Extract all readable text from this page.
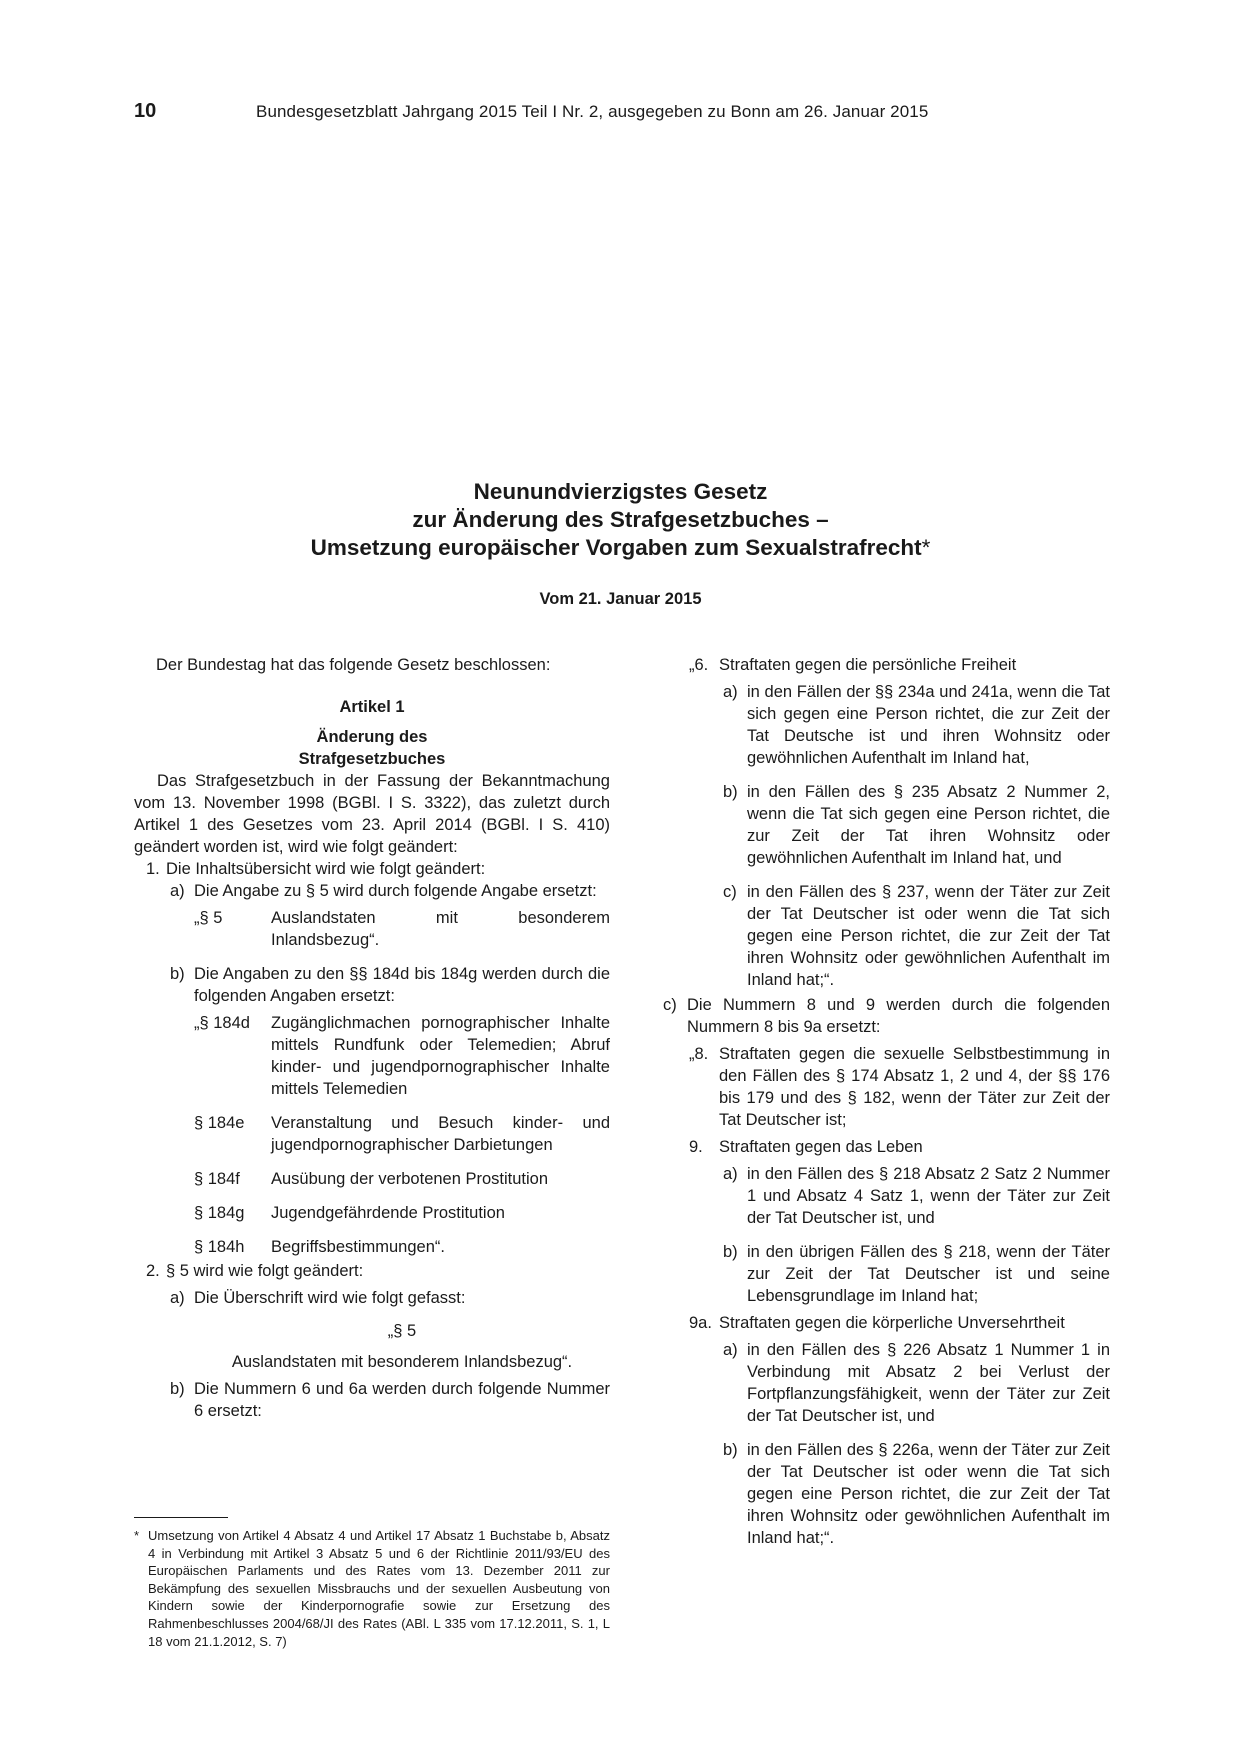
10	Bundesgesetzblatt Jahrgang 2015 Teil I Nr. 2, ausgegeben zu Bonn am 26. Januar 2015
Neunundvierzigstes Gesetz
zur Änderung des Strafgesetzbuches –
Umsetzung europäischer Vorgaben zum Sexualstrafrecht*
Vom 21. Januar 2015
Der Bundestag hat das folgende Gesetz beschlossen:
Artikel 1
Änderung des
Strafgesetzbuches
Das Strafgesetzbuch in der Fassung der Bekanntmachung vom 13. November 1998 (BGBl. I S. 3322), das zuletzt durch Artikel 1 des Gesetzes vom 23. April 2014 (BGBl. I S. 410) geändert worden ist, wird wie folgt geändert:
1. Die Inhaltsübersicht wird wie folgt geändert:
a) Die Angabe zu § 5 wird durch folgende Angabe ersetzt:
„§ 5	Auslandstaten mit besonderem Inlandsbezug“.
b) Die Angaben zu den §§ 184d bis 184g werden durch die folgenden Angaben ersetzt:
„§ 184d Zugänglichmachen pornographischer Inhalte mittels Rundfunk oder Telemedien; Abruf kinder- und jugendpornographischer Inhalte mittels Telemedien
§ 184e Veranstaltung und Besuch kinder- und jugendpornographischer Darbietungen
§ 184f Ausübung der verbotenen Prostitution
§ 184g Jugendgefährdende Prostitution
§ 184h Begriffsbestimmungen“.
2. § 5 wird wie folgt geändert:
a) Die Überschrift wird wie folgt gefasst:
„§ 5
Auslandstaten mit besonderem Inlandsbezug“.
b) Die Nummern 6 und 6a werden durch folgende Nummer 6 ersetzt:
„6. Straftaten gegen die persönliche Freiheit
a) in den Fällen der §§ 234a und 241a, wenn die Tat sich gegen eine Person richtet, die zur Zeit der Tat Deutsche ist und ihren Wohnsitz oder gewöhnlichen Aufenthalt im Inland hat,
b) in den Fällen des § 235 Absatz 2 Nummer 2, wenn die Tat sich gegen eine Person richtet, die zur Zeit der Tat ihren Wohnsitz oder gewöhnlichen Aufenthalt im Inland hat, und
c) in den Fällen des § 237, wenn der Täter zur Zeit der Tat Deutscher ist oder wenn die Tat sich gegen eine Person richtet, die zur Zeit der Tat ihren Wohnsitz oder gewöhnlichen Aufenthalt im Inland hat;“.
c) Die Nummern 8 und 9 werden durch die folgenden Nummern 8 bis 9a ersetzt:
„8. Straftaten gegen die sexuelle Selbstbestimmung in den Fällen des § 174 Absatz 1, 2 und 4, der §§ 176 bis 179 und des § 182, wenn der Täter zur Zeit der Tat Deutscher ist;
9. Straftaten gegen das Leben
a) in den Fällen des § 218 Absatz 2 Satz 2 Nummer 1 und Absatz 4 Satz 1, wenn der Täter zur Zeit der Tat Deutscher ist, und
b) in den übrigen Fällen des § 218, wenn der Täter zur Zeit der Tat Deutscher ist und seine Lebensgrundlage im Inland hat;
9a. Straftaten gegen die körperliche Unversehrtheit
a) in den Fällen des § 226 Absatz 1 Nummer 1 in Verbindung mit Absatz 2 bei Verlust der Fortpflanzungsfähigkeit, wenn der Täter zur Zeit der Tat Deutscher ist, und
b) in den Fällen des § 226a, wenn der Täter zur Zeit der Tat Deutscher ist oder wenn die Tat sich gegen eine Person richtet, die zur Zeit der Tat ihren Wohnsitz oder gewöhnlichen Aufenthalt im Inland hat;“.
* Umsetzung von Artikel 4 Absatz 4 und Artikel 17 Absatz 1 Buchstabe b, Absatz 4 in Verbindung mit Artikel 3 Absatz 5 und 6 der Richtlinie 2011/93/EU des Europäischen Parlaments und des Rates vom 13. Dezember 2011 zur Bekämpfung des sexuellen Missbrauchs und der sexuellen Ausbeutung von Kindern sowie der Kinderpornografie sowie zur Ersetzung des Rahmenbeschlusses 2004/68/JI des Rates (ABl. L 335 vom 17.12.2011, S. 1, L 18 vom 21.1.2012, S. 7)
